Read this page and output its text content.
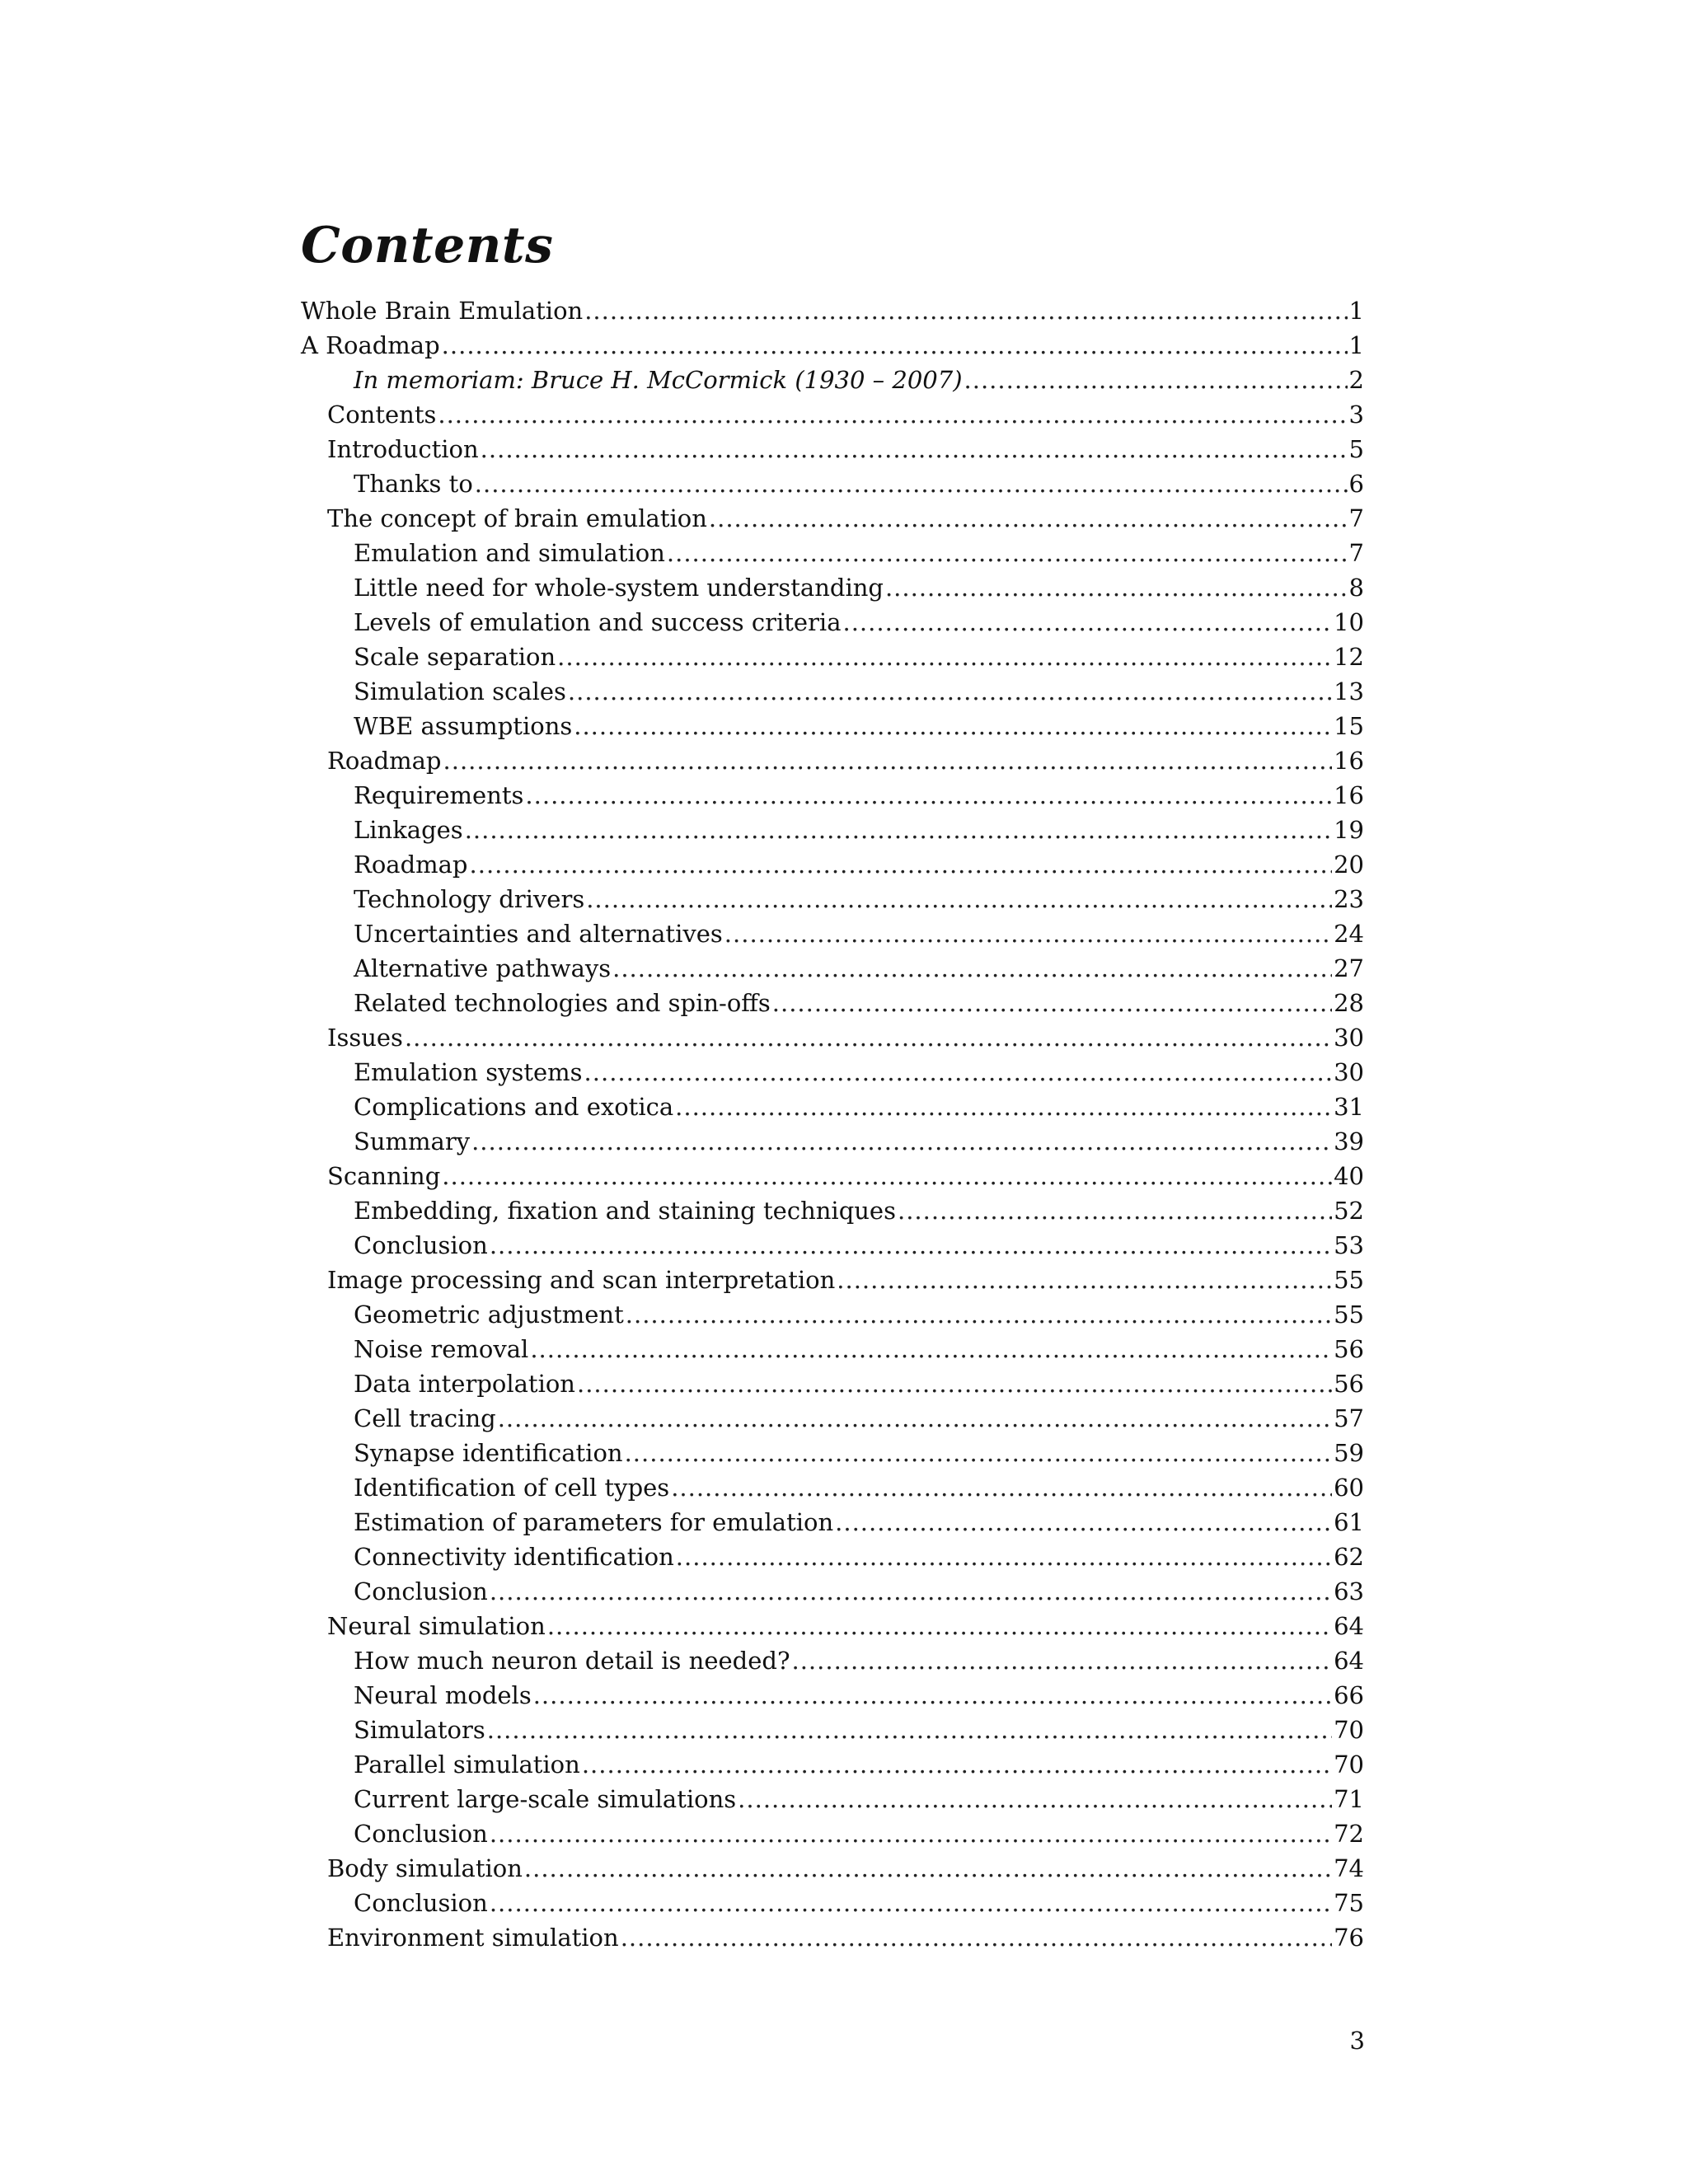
Contents
Whole Brain Emulation .....	1
A Roadmap .....	1
In memoriam: Bruce H. McCormick (1930 – 2007) .....	2
Contents .....	3
Introduction .....	5
Thanks to .....	6
The concept of brain emulation .....	7
Emulation and simulation .....	7
Little need for whole-system understanding .....	8
Levels of emulation and success criteria .....	10
Scale separation .....	12
Simulation scales .....	13
WBE assumptions .....	15
Roadmap .....	16
Requirements .....	16
Linkages .....	19
Roadmap .....	20
Technology drivers .....	23
Uncertainties and alternatives .....	24
Alternative pathways .....	27
Related technologies and spin-offs .....	28
Issues .....	30
Emulation systems .....	30
Complications and exotica .....	31
Summary .....	39
Scanning .....	40
Embedding, fixation and staining techniques .....	52
Conclusion .....	53
Image processing and scan interpretation .....	55
Geometric adjustment .....	55
Noise removal .....	56
Data interpolation .....	56
Cell tracing .....	57
Synapse identification .....	59
Identification of cell types .....	60
Estimation of parameters for emulation .....	61
Connectivity identification .....	62
Conclusion .....	63
Neural simulation .....	64
How much neuron detail is needed? .....	64
Neural models .....	66
Simulators .....	70
Parallel simulation .....	70
Current large-scale simulations .....	71
Conclusion .....	72
Body simulation .....	74
Conclusion .....	75
Environment simulation .....	76
3
